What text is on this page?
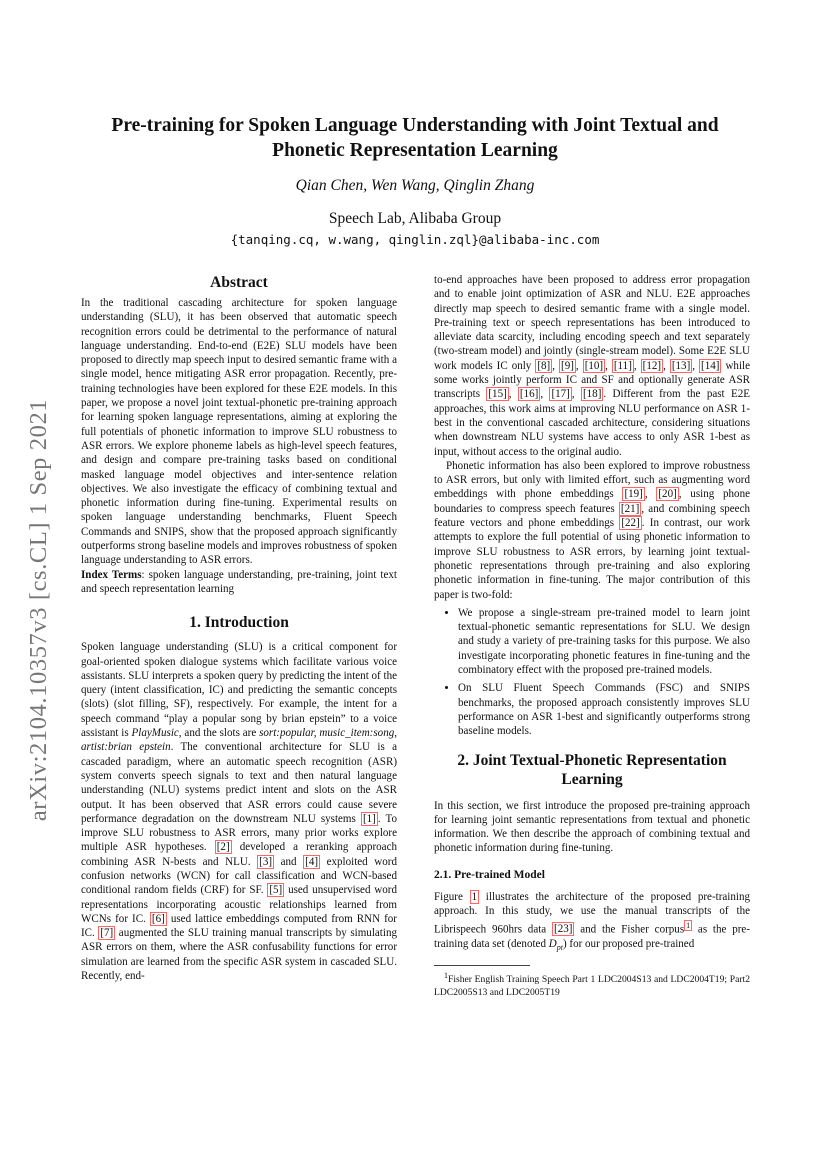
arXiv:2104.10357v3 [cs.CL] 1 Sep 2021
Pre-training for Spoken Language Understanding with Joint Textual and
Phonetic Representation Learning
Qian Chen, Wen Wang, Qinglin Zhang
Speech Lab, Alibaba Group
{tanqing.cq, w.wang, qinglin.zql}@alibaba-inc.com
Abstract

In the traditional cascading architecture for spoken language understanding (SLU), it has been observed that automatic speech recognition errors could be detrimental to the performance of natural language understanding. End-to-end (E2E) SLU models have been proposed to directly map speech input to desired semantic frame with a single model, hence mitigating ASR error propagation. Recently, pre-training technologies have been explored for these E2E models. In this paper, we propose a novel joint textual-phonetic pre-training approach for learning spoken language representations, aiming at exploring the full potentials of phonetic information to improve SLU robustness to ASR errors. We explore phoneme labels as high-level speech features, and design and compare pre-training tasks based on conditional masked language model objectives and inter-sentence relation objectives. We also investigate the efficacy of combining textual and phonetic information during fine-tuning. Experimental results on spoken language understanding benchmarks, Fluent Speech Commands and SNIPS, show that the proposed approach significantly outperforms strong baseline models and improves robustness of spoken language understanding to ASR errors.

Index Terms: spoken language understanding, pre-training, joint text and speech representation learning

1. Introduction

Spoken language understanding (SLU) is a critical component for goal-oriented spoken dialogue systems which facilitate various voice assistants. SLU interprets a spoken query by predicting the intent of the query (intent classification, IC) and predicting the semantic concepts (slots) (slot filling, SF), respectively. For example, the intent for a speech command “play a popular song by brian epstein” to a voice assistant is PlayMusic, and the slots are sort:popular, music_item:song, artist:brian epstein. The conventional architecture for SLU is a cascaded paradigm, where an automatic speech recognition (ASR) system converts speech signals to text and then natural language understanding (NLU) systems predict intent and slots on the ASR output. It has been observed that ASR errors could cause severe performance degradation on the downstream NLU systems [1] . To improve SLU robustness to ASR errors, many prior works explore multiple ASR hypotheses. [2] developed a reranking approach combining ASR N-bests and NLU. [3] and [4] exploited word confusion networks (WCN) for call classification and WCN-based conditional random fields (CRF) for SF. [5] used unsupervised word representations incorporating acoustic relationships learned from WCNs for IC. [6] used lattice embeddings computed from RNN for IC. [7] augmented the SLU training manual transcripts by simulating ASR errors on them, where the ASR confusability functions for error simulation are learned from the specific ASR system in cascaded SLU. Recently, end-

to-end approaches have been proposed to address error propagation and to enable joint optimization of ASR and NLU. E2E approaches directly map speech to desired semantic frame with a single model. Pre-training text or speech representations has been introduced to alleviate data scarcity, including encoding speech and text separately (two-stream model) and jointly (single-stream model). Some E2E SLU work models IC only [8] , [9] , [10] , [11] , [12] , [13] , [14] while some works jointly perform IC and SF and optionally generate ASR transcripts [15] , [16] , [17] , [18] . Different from the past E2E approaches, this work aims at improving NLU performance on ASR 1-best in the conventional cascaded architecture, considering situations when downstream NLU systems have access to only ASR 1-best as input, without access to the original audio.

Phonetic information has also been explored to improve robustness to ASR errors, but only with limited effort, such as augmenting word embeddings with phone embeddings [19] , [20] , using phone boundaries to compress speech features [21] , and combining speech feature vectors and phone embeddings [22] . In contrast, our work attempts to explore the full potential of using phonetic information to improve SLU robustness to ASR errors, by learning joint textual-phonetic representations through pre-training and also exploring phonetic information in fine-tuning. The major contribution of this paper is two-fold:

• We propose a single-stream pre-trained model to learn joint textual-phonetic semantic representations for SLU. We design and study a variety of pre-training tasks for this purpose. We also investigate incorporating phonetic features in fine-tuning and the combinatory effect with the proposed pre-trained models.
• On SLU Fluent Speech Commands (FSC) and SNIPS benchmarks, the proposed approach consistently improves SLU performance on ASR 1-best and significantly outperforms strong baseline models.
2. Joint Textual-Phonetic Representation
Learning

In this section, we first introduce the proposed pre-training approach for learning joint semantic representations from textual and phonetic information. We then describe the approach of combining textual and phonetic information during fine-tuning.

2.1. Pre-trained Model

Figure 1 illustrates the architecture of the proposed pre-training approach. In this study, we use the manual transcripts of the Librispeech 960hrs data [23] and the Fisher corpus $^1$ as the pre-training data set (denoted $D_{pt}$) for our proposed pre-trained

$^1$Fisher English Training Speech Part 1 LDC2004S13 and LDC2004T19; Part2 LDC2005S13 and LDC2005T19
